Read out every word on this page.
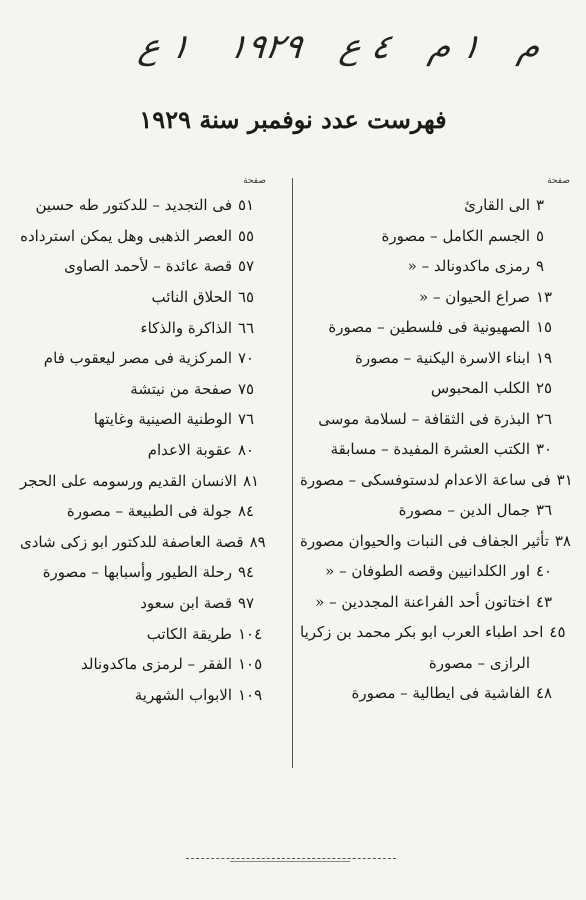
١ ع ١٩٢٩ ٤ ع ١ م م
فهرست عدد نوفمبر سنة ١٩٢٩
صفحة
٣
الى القارئ
٥
الجسم الكامل – مصورة
٩
رمزى ماكدونالد – «
١٣
صراع الحيوان – «
١٥
الصهيونية فى فلسطين – مصورة
١٩
ابناء الاسرة اليكنية – مصورة
٢٥
الكلب المحبوس
٢٦
البذرة فى الثقافة – لسلامة موسى
٣٠
الكتب العشرة المفيدة – مسابقة
٣١
فى ساعة الاعدام لدستوفسكى – مصورة
٣٦
جمال الدين – مصورة
٣٨
تأثير الجفاف فى النبات والحيوان مصورة
٤٠
اور الكلدانيين وقصه الطوفان – «
٤٣
اختاتون أحد الفراعنة المجددين – «
٤٥
احد اطباء العرب ابو بكر محمد بن زكريا
الرازى – مصورة
٤٨
الفاشية فى ايطالية – مصورة
صفحة
٥١
فى التجديد – للدكتور طه حسين
٥٥
العصر الذهبى وهل يمكن استرداده
٥٧
قصة عائدة – لأحمد الصاوى
٦٥
الحلاق النائب
٦٦
الذاكرة والذكاء
٧٠
المركزية فى مصر ليعقوب فام
٧٥
صفحة من نيتشة
٧٦
الوطنية الصينية وغايتها
٨٠
عقوبة الاعدام
٨١
الانسان القديم ورسومه على الحجر
٨٤
جولة فى الطبيعة – مصورة
٨٩
قصة العاصفة للدكتور ابو زكى شادى
٩٤
رحلة الطيور وأسبابها – مصورة
٩٧
قصة ابن سعود
١٠٤
طريقة الكاتب
١٠٥
الفقر – لرمزى ماكدونالد
١٠٩
الابواب الشهرية
